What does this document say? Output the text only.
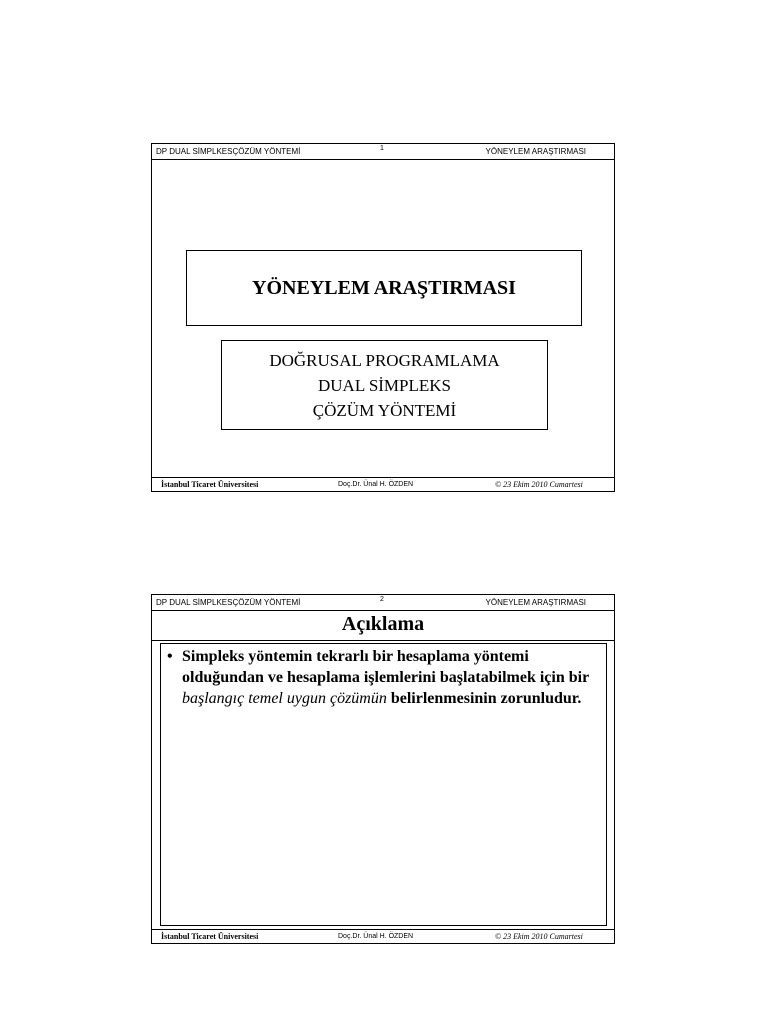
DP DUAL SİMPLKESÇÖZÜM YÖNTEMİ	1	YÖNEYLEM ARAŞTIRMASI
YÖNEYLEM ARAŞTIRMASI
DOĞRUSAL PROGRAMLAMA
DUAL SİMPLEKS
ÇÖZÜM YÖNTEMİ
İstanbul Ticaret Üniversitesi	Doç.Dr. Ünal H. ÖZDEN	© 23 Ekim 2010 Cumartesi
DP DUAL SİMPLKESÇÖZÜM YÖNTEMİ	2	YÖNEYLEM ARAŞTIRMASI
Açıklama
• Simpleks yöntemin tekrarlı bir hesaplama yöntemi olduğundan ve hesaplama işlemlerini başlatabilmek için bir başlangıç temel uygun çözümün belirlenmesinin zorunludur.
İstanbul Ticaret Üniversitesi	Doç.Dr. Ünal H. ÖZDEN	© 23 Ekim 2010 Cumartesi
